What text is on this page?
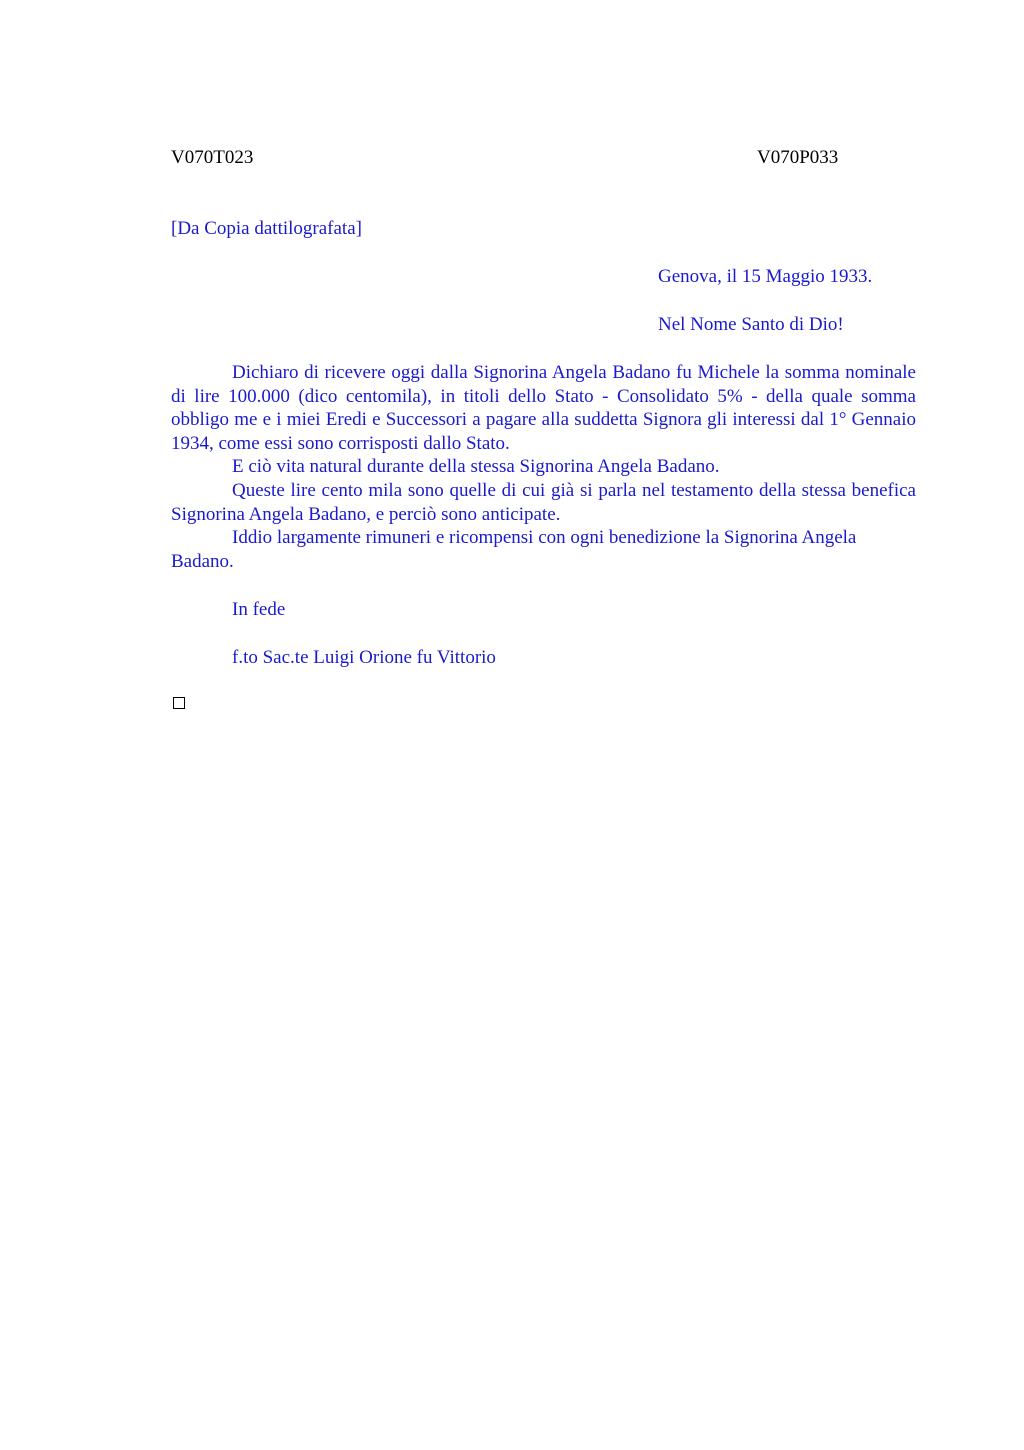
V070T023	V070P033
[Da Copia dattilografata]
Genova, il 15 Maggio 1933.
Nel Nome Santo di Dio!

Dichiaro di ricevere oggi dalla Signorina Angela Badano fu Michele la somma nominale di lire 100.000 (dico centomila), in titoli dello Stato - Consolidato 5% - della quale somma obbligo me e i miei Eredi e Successori a pagare alla suddetta Signora gli interessi dal 1° Gennaio 1934, come essi sono corrisposti dallo Stato.

E ciò vita natural durante della stessa Signorina Angela Badano.

Queste lire cento mila sono quelle di cui già si parla nel testamento della stessa benefica Signorina Angela Badano, e perciò sono anticipate.

Iddio largamente rimuneri e ricompensi con ogni benedizione la Signorina Angela Badano.

In fede
f.to Sac.te Luigi Orione fu Vittorio
